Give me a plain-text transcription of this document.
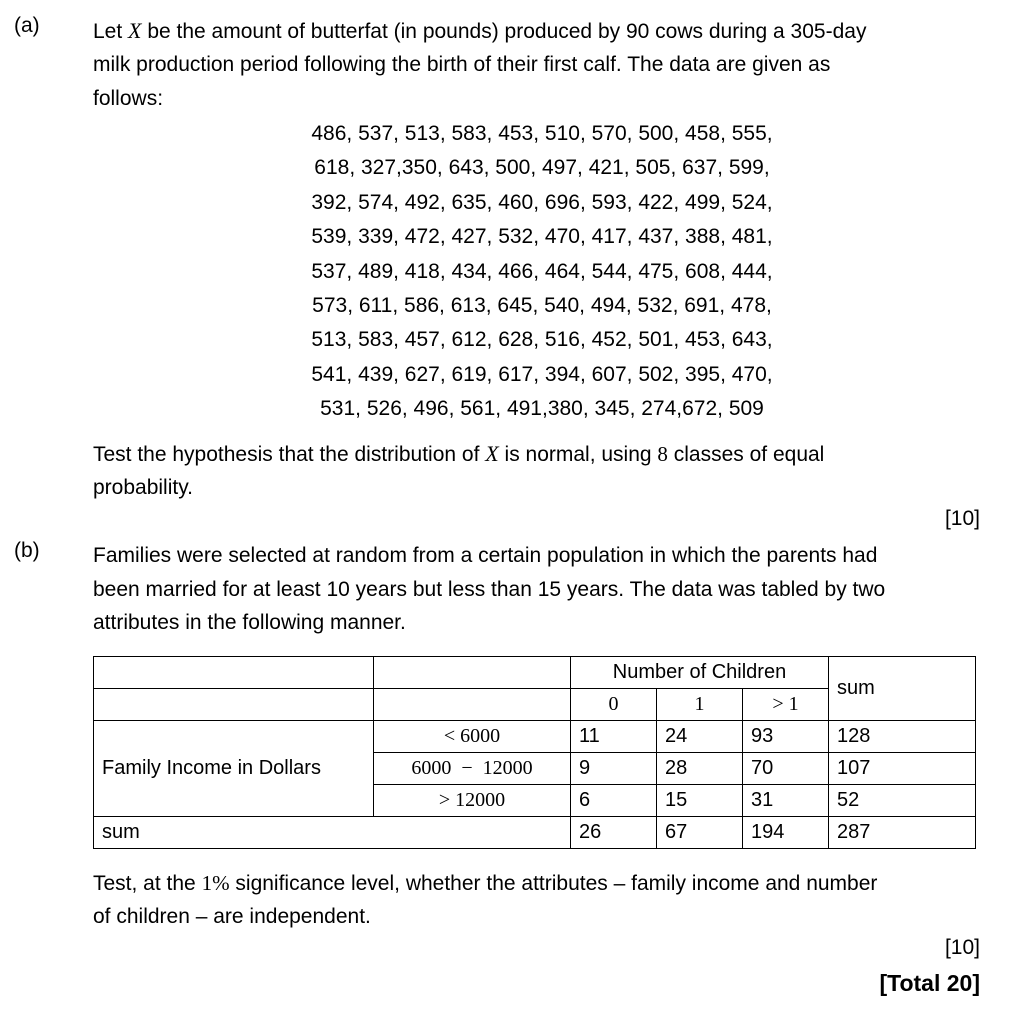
(a)	Let X be the amount of butterfat (in pounds) produced by 90 cows during a 305-day
milk production period following the birth of their first calf. The data are given as
follows:
486, 537, 513, 583, 453, 510, 570, 500, 458, 555,
618, 327,350, 643, 500, 497, 421, 505, 637, 599,
392, 574, 492, 635, 460, 696, 593, 422, 499, 524,
539, 339, 472, 427, 532, 470, 417, 437, 388, 481,
537, 489, 418, 434, 466, 464, 544, 475, 608, 444,
573, 611, 586, 613, 645, 540, 494, 532, 691, 478,
513, 583, 457, 612, 628, 516, 452, 501, 453, 643,
541, 439, 627, 619, 617, 394, 607, 502, 395, 470,
531, 526, 496, 561, 491,380, 345, 274,672, 509
Test the hypothesis that the distribution of X is normal, using 8 classes of equal
probability.
[10]
(b)	Families were selected at random from a certain population in which the parents had
been married for at least 10 years but less than 15 years. The data was tabled by two
attributes in the following manner.
		Number of Children			sum
		0	1	> 1	
Family Income in Dollars	< 6000	11	24	93	128
	6000  −  12000	9	28	70	107
	> 12000	6	15	31	52
sum		26	67	194	287
Test, at the 1% significance level, whether the attributes – family income and number
of children – are independent.
[10]
[Total 20]
